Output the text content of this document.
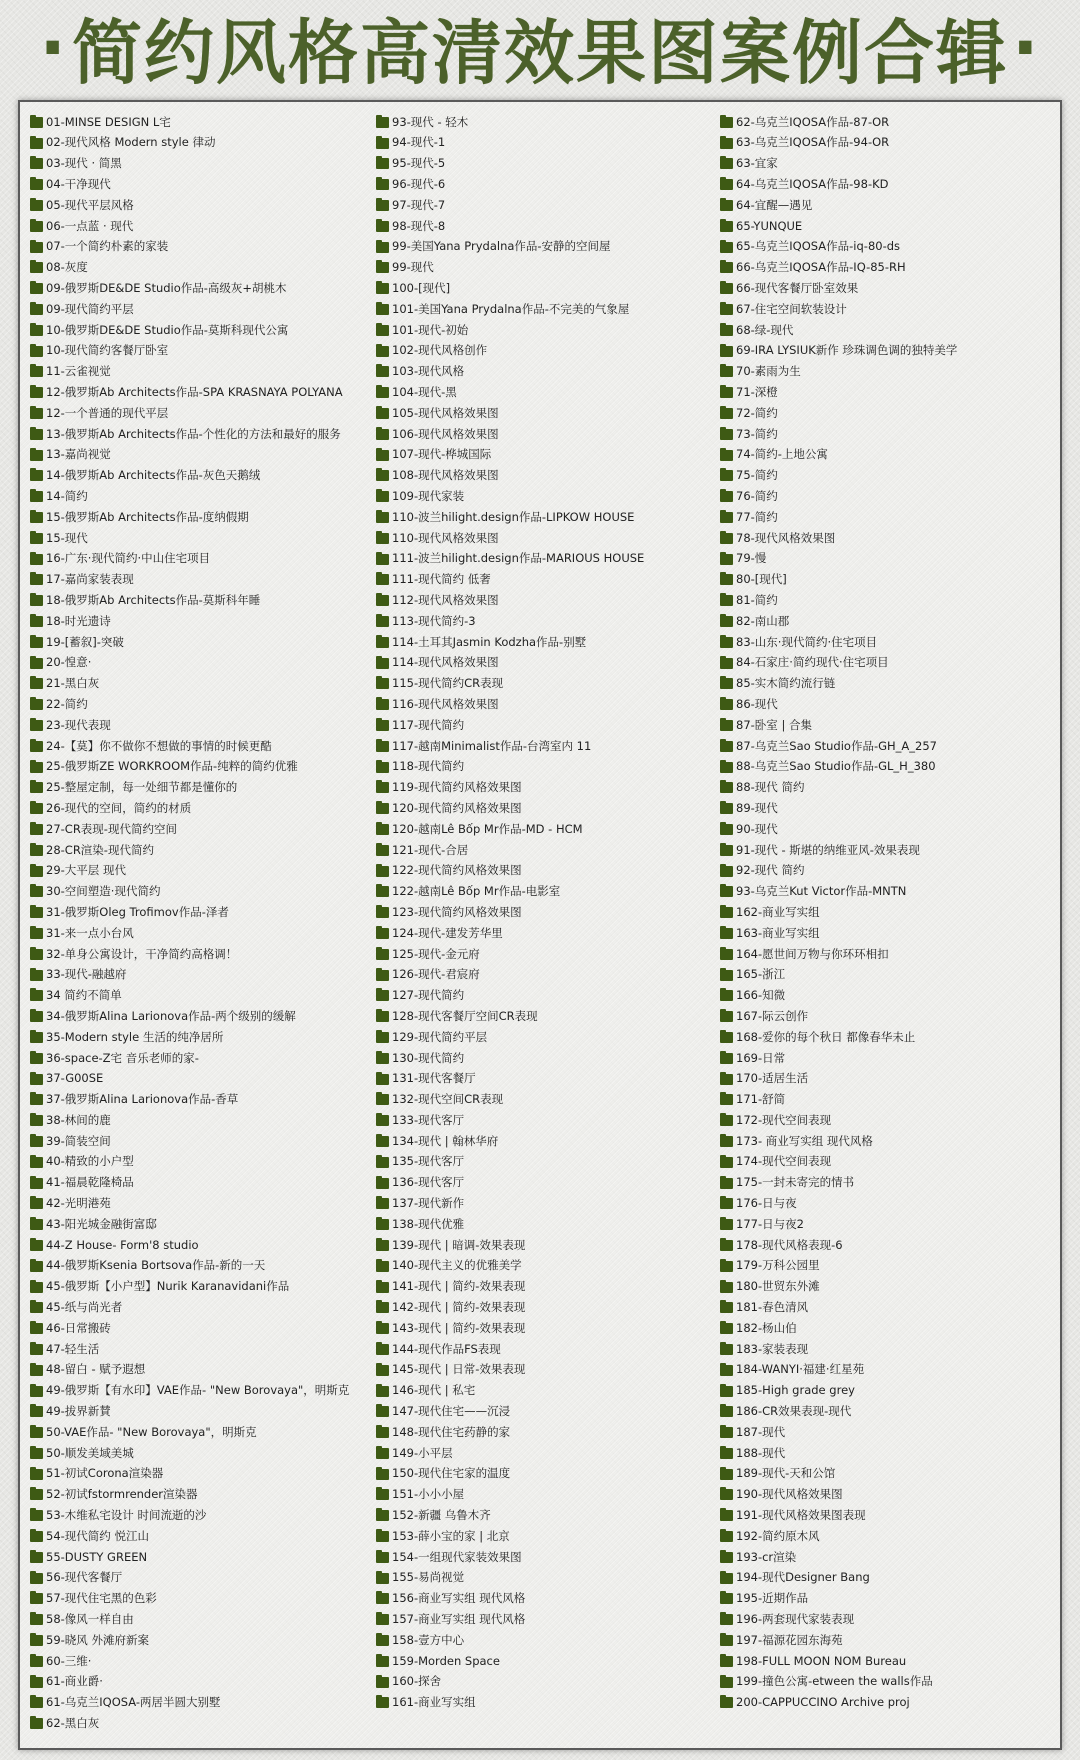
· 简约风格高清效果图案例合辑 ·
01-MINSE DESIGN L宅
02-现代风格 Modern style 律动
03-现代 · 简黑
04-干净现代
05-现代平层风格
06-一点蓝 · 现代
07-一个简约朴素的家装
08-灰度
09-俄罗斯DE&DE Studio作品-高级灰+胡桃木
09-现代简约平层
10-俄罗斯DE&DE Studio作品-莫斯科现代公寓
10-现代简约客餐厅卧室
11-云雀视觉
12-俄罗斯Ab Architects作品-SPA KRASNAYA POLYANA
12-一个普通的现代平层
13-俄罗斯Ab Architects作品-个性化的方法和最好的服务
13-嘉尚视觉
14-俄罗斯Ab Architects作品-灰色天鹅绒
14-简约
15-俄罗斯Ab Architects作品-度纳假期
15-现代
16-广东·现代简约·中山住宅项目
17-嘉尚家装表现
18-俄罗斯Ab Architects作品-莫斯科年睡
18-时光遗诗
19-[蓄叙]-突破
20-惶意·
21-黑白灰
22-简约
23-现代表现
24-【莫】你不做你不想做的事情的时候更酷
25-俄罗斯ZE WORKROOM作品-纯粹的简约优雅
25-整屋定制，每一处细节都是懂你的
26-现代的空间，简约的材质
27-CR表现-现代简约空间
28-CR渲染-现代简约
29-大平层 现代
30-空间塑造·现代简约
31-俄罗斯Oleg Trofimov作品-泽者
31-来一点小台风
32-单身公寓设计，干净简约高格调！
33-现代-融越府
34 简约不简单
34-俄罗斯Alina Larionova作品-两个级别的缓解
35-Modern style 生活的纯净居所
36-space-Z宅 音乐老师的家-
37-G00SE
37-俄罗斯Alina Larionova作品-香草
38-林间的鹿
39-简装空间
40-精致的小户型
41-福晨乾隆椅品
42-光明港苑
43-阳光城金融街富邸
44-Z House- Form'8 studio
44-俄罗斯Ksenia Bortsova作品-新的一天
45-俄罗斯【小户型】Nurik Karanavidani作品
45-纸与尚光者
46-日常搬砖
47-轻生活
48-留白 - 赋予遐想
49-俄罗斯【有水印】VAE作品- "New Borovaya"，明斯克
49-拔界新賛
50-VAE作品- "New Borovaya"，明斯克
50-顺发美域美城
51-初试Corona渲染器
52-初试fstormrender渲染器
53-木维私宅设计 时间流逝的沙
54-现代简约 悦江山
55-DUSTY GREEN
56-现代客餐厅
57-现代住宅黑的色彩
58-像风一样自由
59-晓风 外滩府新案
60-三维·
61-商业爵·
61-乌克兰IQOSA-两居半圆大别墅
62-黑白灰
93-现代 - 轻木
94-现代-1
95-现代-5
96-现代-6
97-现代-7
98-现代-8
99-美国Yana Prydalna作品-安静的空间屋
99-现代
100-[现代]
101-美国Yana Prydalna作品-不完美的气象屋
101-现代-初始
102-现代风格创作
103-现代风格
104-现代-黑
105-现代风格效果图
106-现代风格效果图
107-现代-桦城国际
108-现代风格效果图
109-现代家装
110-波兰hilight.design作品-LIPKOW HOUSE
110-现代风格效果图
111-波兰hilight.design作品-MARIOUS HOUSE
111-现代简约 低奢
112-现代风格效果图
113-现代简约-3
114-土耳其Jasmin Kodzha作品-别墅
114-现代风格效果图
115-现代简约CR表现
116-现代风格效果图
117-现代简约
117-越南Minimalist作品-台湾室内 11
118-现代简约
119-现代简约风格效果图
120-现代简约风格效果图
120-越南Lê Bốp Mr作品-MD - HCM
121-现代-合居
122-现代简约风格效果图
122-越南Lê Bốp Mr作品-电影室
123-现代简约风格效果图
124-现代-建发芳华里
125-现代-金元府
126-现代-君宸府
127-现代简约
128-现代客餐厅空间CR表现
129-现代简约平层
130-现代简约
131-现代客餐厅
132-现代空间CR表现
133-现代客厅
134-现代 | 翰林华府
135-现代客厅
136-现代客厅
137-现代新作
138-现代优雅
139-现代 | 暗调-效果表现
140-现代主义的优雅美学
141-现代 | 简约-效果表现
142-现代 | 简约-效果表现
143-现代 | 简约-效果表现
144-现代作品FS表现
145-现代 | 日常-效果表现
146-现代 | 私宅
147-现代住宅——沉浸
148-现代住宅药静的家
149-小平层
150-现代住宅家的温度
151-小小小屋
152-新疆 乌鲁木齐
153-薛小宝的家 | 北京
154-一组现代家装效果图
155-易尚视觉
156-商业写实组 现代风格
157-商业写实组 现代风格
158-壹方中心
159-Morden Space
160-探舍
161-商业写实组
62-乌克兰IQOSA作品-87-OR
63-乌克兰IQOSA作品-94-OR
63-宜家
64-乌克兰IQOSA作品-98-KD
64-宜醒—遇见
65-YUNQUE
65-乌克兰IQOSA作品-iq-80-ds
66-乌克兰IQOSA作品-IQ-85-RH
66-现代客餐厅卧室效果
67-住宅空间软装设计
68-绿-现代
69-IRA LYSIUK新作 珍珠调色调的独特美学
70-素雨为生
71-深橙
72-简约
73-简约
74-简约-上地公寓
75-简约
76-简约
77-简约
78-现代风格效果图
79-慢
80-[现代]
81-简约
82-南山郡
83-山东·现代简约·住宅项目
84-石家庄·简约现代·住宅项目
85-实木简约流行链
86-现代
87-卧室 | 合集
87-乌克兰Sao Studio作品-GH_A_257
88-乌克兰Sao Studio作品-GL_H_380
88-现代 简约
89-现代
90-现代
91-现代 - 斯堪的纳维亚风-效果表现
92-现代 简约
93-乌克兰Kut Victor作品-MNTN
162-商业写实组
163-商业写实组
164-愿世间万物与你环环相扣
165-浙江
166-知微
167-际云创作
168-爱你的每个秋日 都像春华未止
169-日常
170-适居生活
171-舒简
172-现代空间表现
173- 商业写实组 现代风格
174-现代空间表现
175-一封未寄完的情书
176-日与夜
177-日与夜2
178-现代风格表现-6
179-万科公园里
180-世贸东外滩
181-春色清风
182-杨山伯
183-家装表现
184-WANYI·福建·红星苑
185-High grade grey
186-CR效果表现-现代
187-现代
188-现代
189-现代-天和公馆
190-现代风格效果图
191-现代风格效果图表现
192-简约原木风
193-cr渲染
194-现代Designer Bang
195-近期作品
196-两套现代家装表现
197-福源花园东海苑
198-FULL MOON NOM Bureau
199-撞色公寓-etween the walls作品
200-CAPPUCCINO Archive proj
